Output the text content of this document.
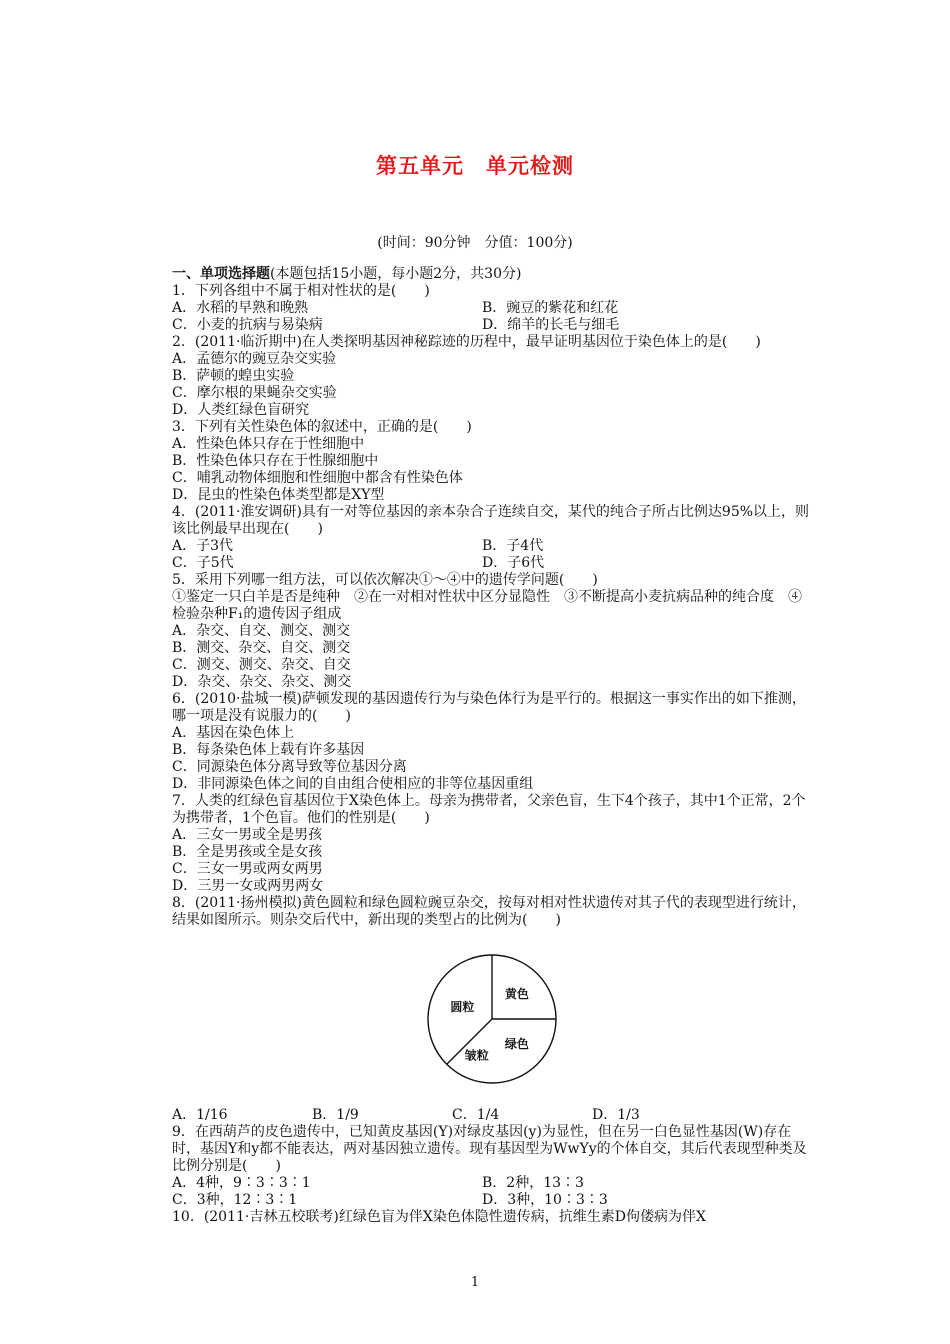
第五单元　单元检测
(时间：90分钟　分值：100分)
一、单项选择题(本题包括15小题，每小题2分，共30分)
1．下列各组中不属于相对性状的是(　　)
A．水稻的早熟和晚熟	B．豌豆的紫花和红花
C．小麦的抗病与易染病	D．绵羊的长毛与细毛
2．(2011·临沂期中)在人类探明基因神秘踪迹的历程中，最早证明基因位于染色体上的是(　　)
A．孟德尔的豌豆杂交实验
B．萨顿的蝗虫实验
C．摩尔根的果蝇杂交实验
D．人类红绿色盲研究
3．下列有关性染色体的叙述中，正确的是(　　)
A．性染色体只存在于性细胞中
B．性染色体只存在于性腺细胞中
C．哺乳动物体细胞和性细胞中都含有性染色体
D．昆虫的性染色体类型都是XY型
4．(2011·淮安调研)具有一对等位基因的亲本杂合子连续自交，某代的纯合子所占比例达95%以上，则该比例最早出现在(　　)
A．子3代	B．子4代
C．子5代	D．子6代
5．采用下列哪一组方法，可以依次解决①～④中的遗传学问题(　　)
①鉴定一只白羊是否是纯种　②在一对相对性状中区分显隐性　③不断提高小麦抗病品种的纯合度　④检验杂种F₁的遗传因子组成
A．杂交、自交、测交、测交
B．测交、杂交、自交、测交
C．测交、测交、杂交、自交
D．杂交、杂交、杂交、测交
6．(2010·盐城一模)萨顿发现的基因遗传行为与染色体行为是平行的。根据这一事实作出的如下推测，哪一项是没有说服力的(　　)
A．基因在染色体上
B．每条染色体上载有许多基因
C．同源染色体分离导致等位基因分离
D．非同源染色体之间的自由组合使相应的非等位基因重组
7．人类的红绿色盲基因位于X染色体上。母亲为携带者，父亲色盲，生下4个孩子，其中1个正常，2个为携带者，1个色盲。他们的性别是(　　)
A．三女一男或全是男孩
B．全是男孩或全是女孩
C．三女一男或两女两男
D．三男一女或两男两女
8．(2011·扬州模拟)黄色圆粒和绿色圆粒豌豆杂交，按每对相对性状遗传对其子代的表现型进行统计，结果如图所示。则杂交后代中，新出现的类型占的比例为(　　)
黄色
绿色
圆粒
皱粒
A．1/16	B．1/9	C．1/4	D．1/3
9．在西葫芦的皮色遗传中，已知黄皮基因(Y)对绿皮基因(y)为显性，但在另一白色显性基因(W)存在时，基因Y和y都不能表达，两对基因独立遗传。现有基因型为WwYy的个体自交，其后代表现型种类及比例分别是(　　)
A．4种，9∶3∶3∶1	B．2种，13∶3
C．3种，12∶3∶1	D．3种，10∶3∶3
10．(2011·吉林五校联考)红绿色盲为伴X染色体隐性遗传病，抗维生素D佝偻病为伴X
1
